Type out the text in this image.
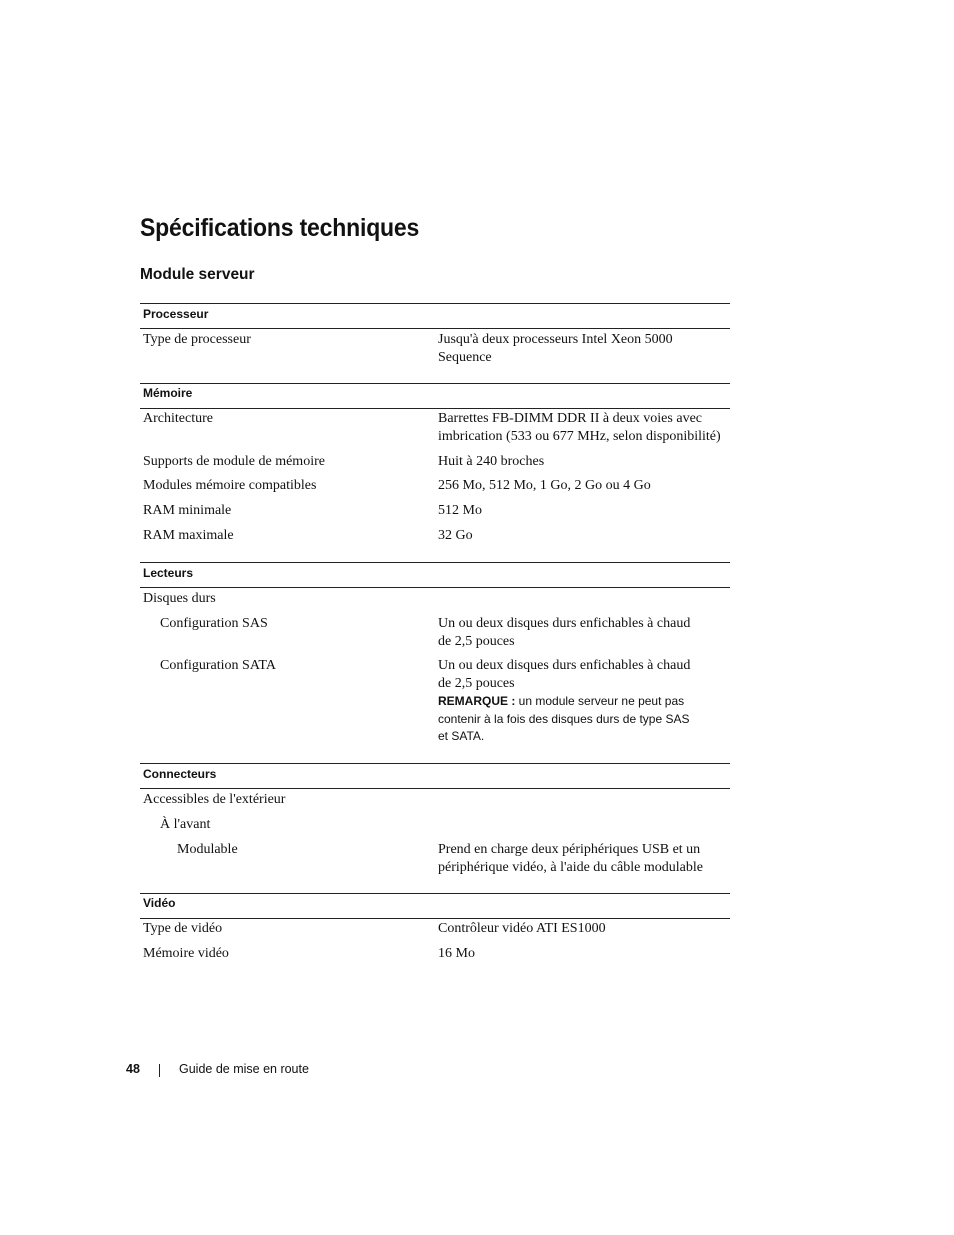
Spécifications techniques
Module serveur
Processeur
Type de processeur	Jusqu'à deux processeurs Intel Xeon 5000
Sequence
Mémoire
Architecture	Barrettes FB-DIMM DDR II à deux voies avec
imbrication (533 ou 677 MHz, selon disponibilité)
Supports de module de mémoire	Huit à 240 broches
Modules mémoire compatibles	256 Mo, 512 Mo, 1 Go, 2 Go ou 4 Go
RAM minimale	512 Mo
RAM maximale	32 Go
Lecteurs
Disques durs
Configuration SAS	Un ou deux disques durs enfichables à chaud
de 2,5 pouces
Configuration SATA	Un ou deux disques durs enfichables à chaud
de 2,5 pouces
REMARQUE : un module serveur ne peut pas
contenir à la fois des disques durs de type SAS
et SATA.
Connecteurs
Accessibles de l'extérieur
À l'avant
Modulable	Prend en charge deux périphériques USB et un
périphérique vidéo, à l'aide du câble modulable
Vidéo
Type de vidéo	Contrôleur vidéo ATI ES1000
Mémoire vidéo	16 Mo
48	Guide de mise en route
